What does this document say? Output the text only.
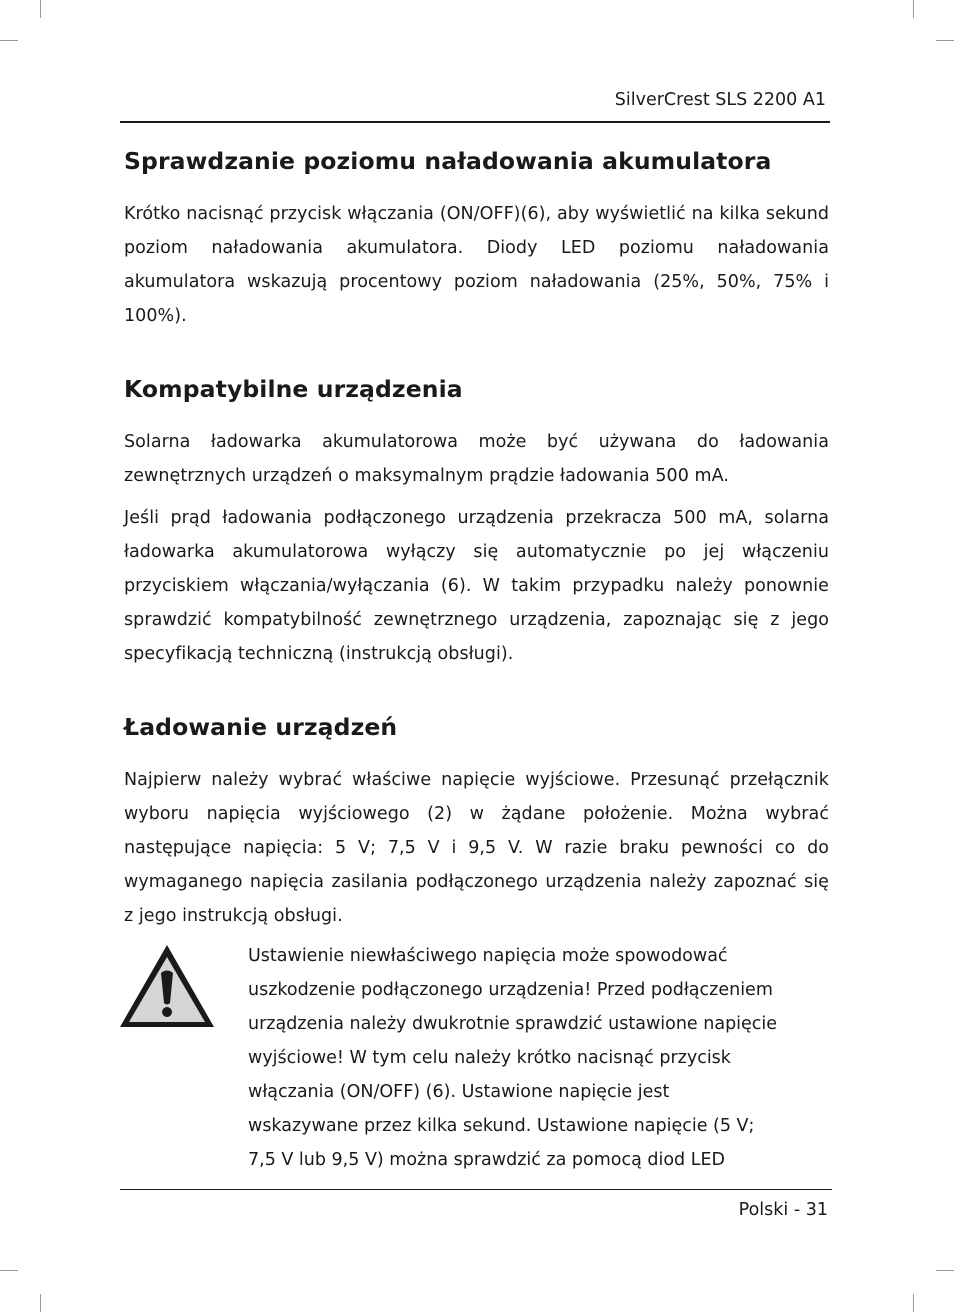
SilverCrest SLS 2200 A1
Sprawdzanie poziomu naładowania akumulatora

Krótko nacisnąć przycisk włączania (ON/OFF)(6), aby wyświetlić na kilka sekund poziom naładowania akumulatora. Diody LED poziomu naładowania akumulatora wskazują procentowy poziom naładowania (25%, 50%, 75% i 100%).

Kompatybilne urządzenia

Solarna ładowarka akumulatorowa może być używana do ładowania zewnętrznych urządzeń o maksymalnym prądzie ładowania 500 mA.

Jeśli prąd ładowania podłączonego urządzenia przekracza 500 mA, solarna ładowarka akumulatorowa wyłączy się automatycznie po jej włączeniu przyciskiem włączania/wyłączania (6). W takim przypadku należy ponownie sprawdzić kompatybilność zewnętrznego urządzenia, zapoznając się z jego specyfikacją techniczną (instrukcją obsługi).

Ładowanie urządzeń

Najpierw należy wybrać właściwe napięcie wyjściowe. Przesunąć przełącznik wyboru napięcia wyjściowego (2) w żądane położenie. Można wybrać następujące napięcia: 5 V; 7,5 V i 9,5 V. W razie braku pewności co do wymaganego napięcia zasilania podłączonego urządzenia należy zapoznać się z jego instrukcją obsługi.

Ustawienie niewłaściwego napięcia może spowodować
uszkodzenie podłączonego urządzenia! Przed podłączeniem
urządzenia należy dwukrotnie sprawdzić ustawione napięcie
wyjściowe! W tym celu należy krótko nacisnąć przycisk
włączania (ON/OFF) (6). Ustawione napięcie jest
wskazywane przez kilka sekund. Ustawione napięcie (5 V;
7,5 V lub 9,5 V) można sprawdzić za pomocą diod LED
Polski - 31
